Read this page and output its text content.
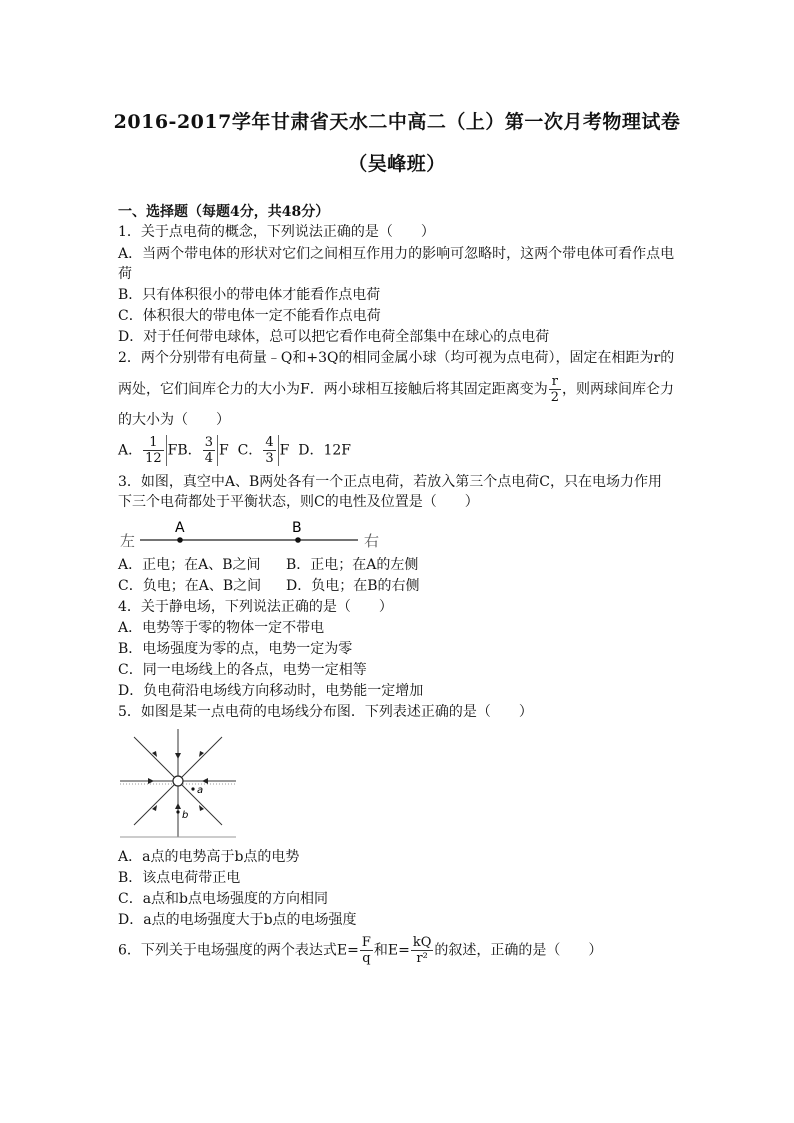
2016-2017学年甘肃省天水二中高二（上）第一次月考物理试卷
（吴峰班）
一、选择题（每题4分，共48分）
1．关于点电荷的概念，下列说法正确的是（　　）
A．当两个带电体的形状对它们之间相互作用力的影响可忽略时，这两个带电体可看作点电
荷
B．只有体积很小的带电体才能看作点电荷
C．体积很大的带电体一定不能看作点电荷
D．对于任何带电球体，总可以把它看作电荷全部集中在球心的点电荷
2．两个分别带有电荷量﹣Q和+3Q的相同金属小球（均可视为点电荷），固定在相距为r的
两处，它们间库仑力的大小为F．两小球相互接触后将其固定距离变为 $\frac{r}{2}$ ，则两球间库仑力
的大小为（　　）
A． $\frac{1}{12}$ FB． $\frac{3}{4}$ F C． $\frac{4}{3}$ F D．12F
3．如图，真空中A、B两处各有一个正点电荷，若放入第三个点电荷C，只在电场力作用
下三个电荷都处于平衡状态，则C的电性及位置是（　　）
A	B
左	右
A．正电；在A、B之间 B．正电；在A的左侧
C．负电；在A、B之间 D．负电；在B的右侧
4．关于静电场，下列说法正确的是（　　）
A．电势等于零的物体一定不带电
B．电场强度为零的点，电势一定为零
C．同一电场线上的各点，电势一定相等
D．负电荷沿电场线方向移动时，电势能一定增加
5．如图是某一点电荷的电场线分布图．下列表述正确的是（　　）
a
b
A．a点的电势高于b点的电势
B．该点电荷带正电
C．a点和b点电场强度的方向相同
D．a点的电场强度大于b点的电场强度
6．下列关于电场强度的两个表达式$E= \frac{F}{q}$ 和$E= \frac{kQ}{\text{r²}}$ 的叙述，正确的是（　　）
